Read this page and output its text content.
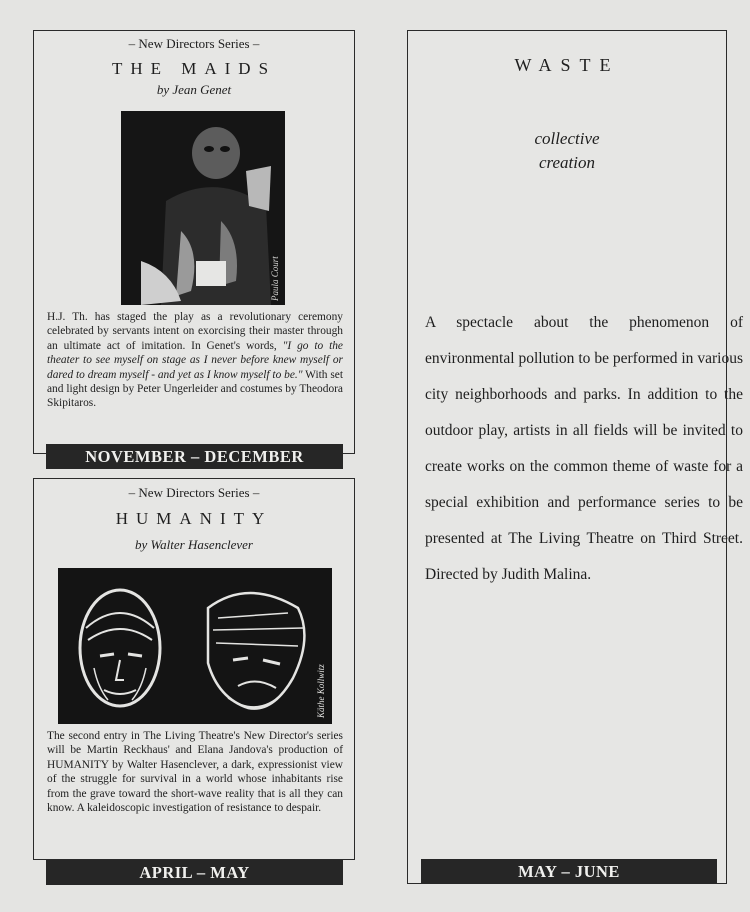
– New Directors Series –
THE MAIDS
by Jean Genet
Paula Court
H.J. Th. has staged the play as a revolutionary ceremony celebrated by servants intent on exorcising their master through an ultimate act of imitation. In Genet's words, "I go to the theater to see myself on stage as I never before knew myself or dared to dream myself - and yet as I know myself to be." With set and light design by Peter Ungerleider and costumes by Theodora Skipitaros.
NOVEMBER – DECEMBER
– New Directors Series –
HUMANITY
by Walter Hasenclever
Käthe Kollwitz
The second entry in The Living Theatre's New Director's series will be Martin Reckhaus' and Elana Jandova's production of HUMANITY by Walter Hasenclever, a dark, expressionist view of the struggle for survival in a world whose inhabitants rise from the grave toward the short-wave reality that is all they can know. A kaleidoscopic investigation of resistance to despair.
APRIL – MAY
WASTE
collective
creation
A spectacle about the phenomenon of environmental pollution to be performed in various city neighborhoods and parks. In addition to the outdoor play, artists in all fields will be invited to create works on the common theme of waste for a special exhibition and performance series to be presented at The Living Theatre on Third Street. Directed by Judith Malina.
MAY – JUNE
